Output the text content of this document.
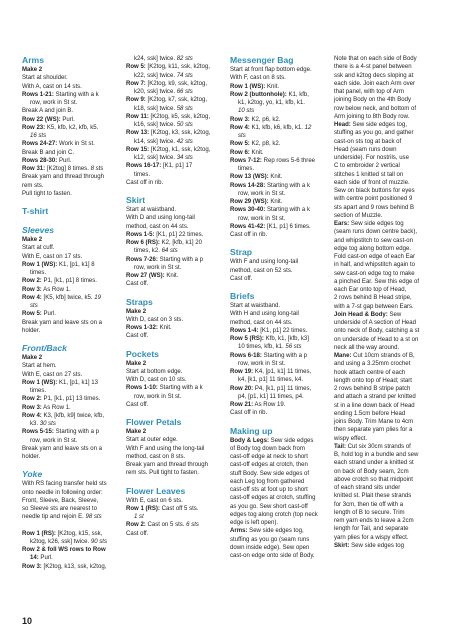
Arms
Make 2
Start at shoulder.
With A, cast on 14 sts.
Rows 1-21: Starting with a k
row, work in St st.
Break A and join B.
Row 22 (WS): Purl.
Row 23: K5, kfb, k2, kfb, k5.
16 sts
Rows 24-27: Work in St st.
Break B and join C.
Rows 28-30: Purl.
Row 31: [K2tog] 8 times. 8 sts
Break yarn and thread through
rem sts.
Pull tight to fasten.
T-shirt
Sleeves
Make 2
Start at cuff.
With E, cast on 17 sts.
Row 1 (WS): K1, [p1, k1] 8
times.
Row 2: P1, [k1, p1] 8 times.
Row 3: As Row 1.
Row 4: [K5, kfb] twice, k5. 19
sts
Row 5: Purl.
Break yarn and leave sts on a
holder.
Front/Back
Make 2
Start at hem.
With E, cast on 27 sts.
Row 1 (WS): K1, [p1, k1] 13
times.
Row 2: P1, [k1, p1] 13 times.
Row 3: As Row 1.
Row 4: K3, [kfb, k9] twice, kfb,
k3. 30 sts
Rows 5-15: Starting with a p
row, work in St st.
Break yarn and leave sts on a
holder.
Yoke
With RS facing transfer held sts
onto needle in following order:
Front, Sleeve, Back, Sleeve,
so Sleeve sts are nearest to
needle tip and rejoin E. 98 sts
Row 1 (RS): [K2tog, k15, ssk,
k2tog, k26, ssk] twice. 90 sts
Row 2 & foll WS rows to Row
14: Purl.
Row 3: [K2tog, k13, ssk, k2tog,
k24, ssk] twice. 82 sts
Row 5: [K2tog, k11, ssk, k2tog,
k22, ssk] twice. 74 sts
Row 7: [K2tog, k9, ssk, k2tog,
k20, ssk] twice. 66 sts
Row 9: [K2tog, k7, ssk, k2tog,
k18, ssk] twice. 58 sts
Row 11: [K2tog, k5, ssk, k2tog,
k16, ssk] twice. 50 sts
Row 13: [K2tog, k3, ssk, k2tog,
k14, ssk] twice. 42 sts
Row 15: [K2tog, k1, ssk, k2tog,
k12, ssk] twice. 34 sts
Rows 16-17: [K1, p1] 17
times.
Cast off in rib.
Skirt
Start at waistband.
With D and using long-tail
method, cast on 44 sts.
Rows 1-5: [K1, p1] 22 times.
Row 6 (RS): K2, [kfb, k1] 20
times, k2. 64 sts
Rows 7-26: Starting with a p
row, work in St st.
Row 27 (WS): Knit.
Cast off.
Straps
Make 2
With D, cast on 3 sts.
Rows 1-32: Knit.
Cast off.
Pockets
Make 2
Start at bottom edge.
With D, cast on 10 sts.
Rows 1-10: Starting with a k
row, work in St st.
Cast off.
Flower Petals
Make 2
Start at outer edge.
With F and using the long-tail
method, cast on 8 sts.
Break yarn and thread through
rem sts. Pull tight to fasten.
Flower Leaves
With E, cast on 6 sts.
Row 1 (RS): Cast off 5 sts.
1 st
Row 2: Cast on 5 sts. 6 sts
Cast off.
Messenger Bag
Start at front flap bottom edge.
With F, cast on 8 sts.
Row 1 (WS): Knit.
Row 2 (buttonhole): K1, kfb,
k1, k2tog, yo, k1, kfb, k1.
10 sts
Row 3: K2, p6, k2.
Row 4: K1, kfb, k6, kfb, k1. 12
sts
Row 5: K2, p8, k2.
Row 6: Knit.
Rows 7-12: Rep rows 5-6 three
times.
Row 13 (WS): Knit.
Rows 14-28: Starting with a k
row, work in St st.
Row 29 (WS): Knit.
Rows 30-40: Starting with a k
row, work in St st.
Rows 41-42: [K1, p1] 6 times.
Cast off in rib.
Strap
With F and using long-tail
method, cast on 52 sts.
Cast off.
Briefs
Start at waistband.
With H and using long-tail
method, cast on 44 sts.
Rows 1-4: [K1, p1] 22 times.
Row 5 (RS): Kfb, k1, [kfb, k3]
10 times, kfb, k1. 56 sts
Rows 6-18: Starting with a p
row, work in St st.
Row 19: K4, [p1, k1] 11 times,
k4, [k1, p1] 11 times, k4.
Row 20: P4, [k1, p1] 11 times,
p4, [p1, k1] 11 times, p4.
Row 21: As Row 19.
Cast off in rib.
Making up
Body & Legs: Sew side edges
of Body tog down back from
cast-off edge at neck to short
cast-off edges at crotch, then
stuff Body. Sew side edges of
each Leg tog from gathered
cast-off sts at foot up to short
cast-off edges at crotch, stuffing
as you go. Sew short cast-off
edges tog along crotch (top neck
edge is left open).
Arms: Sew side edges tog,
stuffing as you go (seam runs
down inside edge). Sew open
cast-on edge onto side of Body.
Note that on each side of Body
there is a 4-st panel between
ssk and k2tog decs sloping at
each side. Join each Arm over
that panel, with top of Arm
joining Body on the 4th Body
row below neck, and bottom of
Arm joining to 8th Body row.
Head: Sew side edges tog,
stuffing as you go, and gather
cast-on sts tog at back of
Head (seam runs down
underside). For nostrils, use
C to embroider 2 vertical
stitches 1 knitted st tall on
each side of front of muzzle.
Sew on black buttons for eyes
with centre point positioned 9
sts apart and 9 rows behind B
section of Muzzle.
Ears: Sew side edges tog
(seam runs down centre back),
and whipstitch to sew cast-on
edge tog along bottom edge.
Fold cast-on edge of each Ear
in half, and whipstitch again to
sew cast-on edge tog to make
a pinched Ear. Sew this edge of
each Ear onto top of Head,
2 rows behind B Head stripe,
with a 7-st gap between Ears.
Join Head & Body: Sew
underside of A section of Head
onto neck of Body, catching a st
on underside of Head to a st on
neck all the way around.
Mane: Cut 10cm strands of B,
and using a 3.25mm crochet
hook attach centre of each
length onto top of Head; start
2 rows behind B stripe patch
and attach a strand per knitted
st in a line down back of Head
ending 1.5cm before Head
joins Body. Trim Mane to 4cm
then separate yarn plies for a
wispy effect.
Tail: Cut six 30cm strands of
B, hold tog in a bundle and sew
each strand under a knitted st
on back of Body seam, 2cm
above crotch so that midpoint
of each strand sits under
knitted st. Plait these strands
for 3cm, then tie off with a
length of B to secure. Trim
rem yarn ends to leave a 2cm
length for Tail, and separate
yarn plies for a wispy effect.
Skirt: Sew side edges tog
10
